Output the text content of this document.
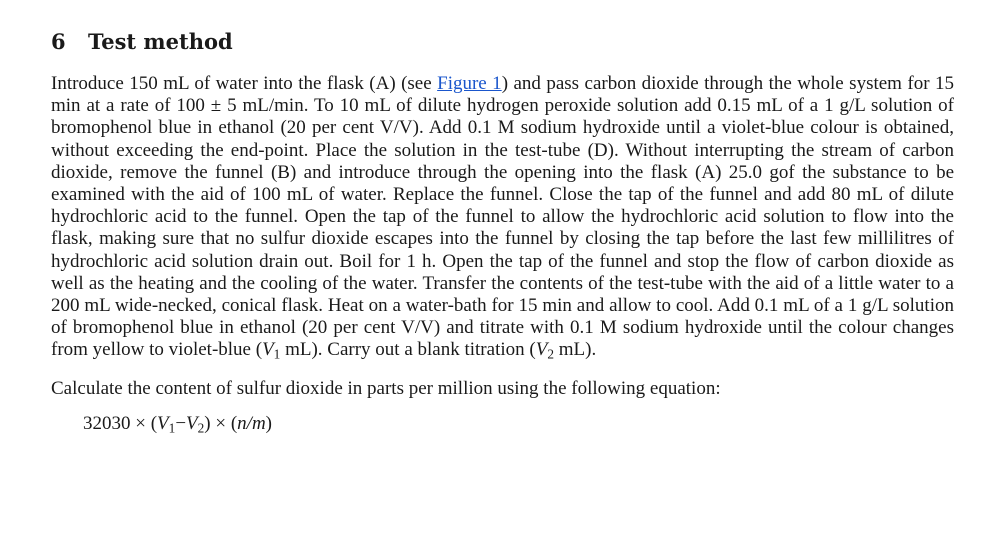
6 Test method

Introduce 150 mL of water into the flask (A) (see Figure 1) and pass carbon dioxide through the whole system for 15 min at a rate of 100 ± 5 mL/min. To 10 mL of dilute hydrogen peroxide solution add 0.15 mL of a 1 g/L solution of bromophenol blue in ethanol (20 per cent V/V). Add 0.1 M sodium hydroxide until a violet-blue colour is obtained, without exceeding the end-point. Place the solution in the test-tube (D). Without interrupting the stream of carbon dioxide, remove the funnel (B) and introduce through the opening into the flask (A) 25.0 gof the substance to be examined with the aid of 100 mL of water. Replace the funnel. Close the tap of the funnel and add 80 mL of dilute hydrochloric acid to the funnel. Open the tap of the funnel to allow the hydrochloric acid solution to flow into the flask, making sure that no sulfur dioxide escapes into the funnel by closing the tap before the last few millilitres of hydrochloric acid solution drain out. Boil for 1 h. Open the tap of the funnel and stop the flow of carbon dioxide as well as the heating and the cooling of the water. Transfer the contents of the test-tube with the aid of a little water to a 200 mL wide-necked, conical flask. Heat on a water-bath for 15 min and allow to cool. Add 0.1 mL of a 1 g/L solution of bromophenol blue in ethanol (20 per cent V/V) and titrate with 0.1 M sodium hydroxide until the colour changes from yellow to violet-blue ($V_1$ mL). Carry out a blank titration ($V_2$ mL).

Calculate the content of sulfur dioxide in parts per million using the following equation:

$32030 \times (V_1-V_2) \times (n/m)$
